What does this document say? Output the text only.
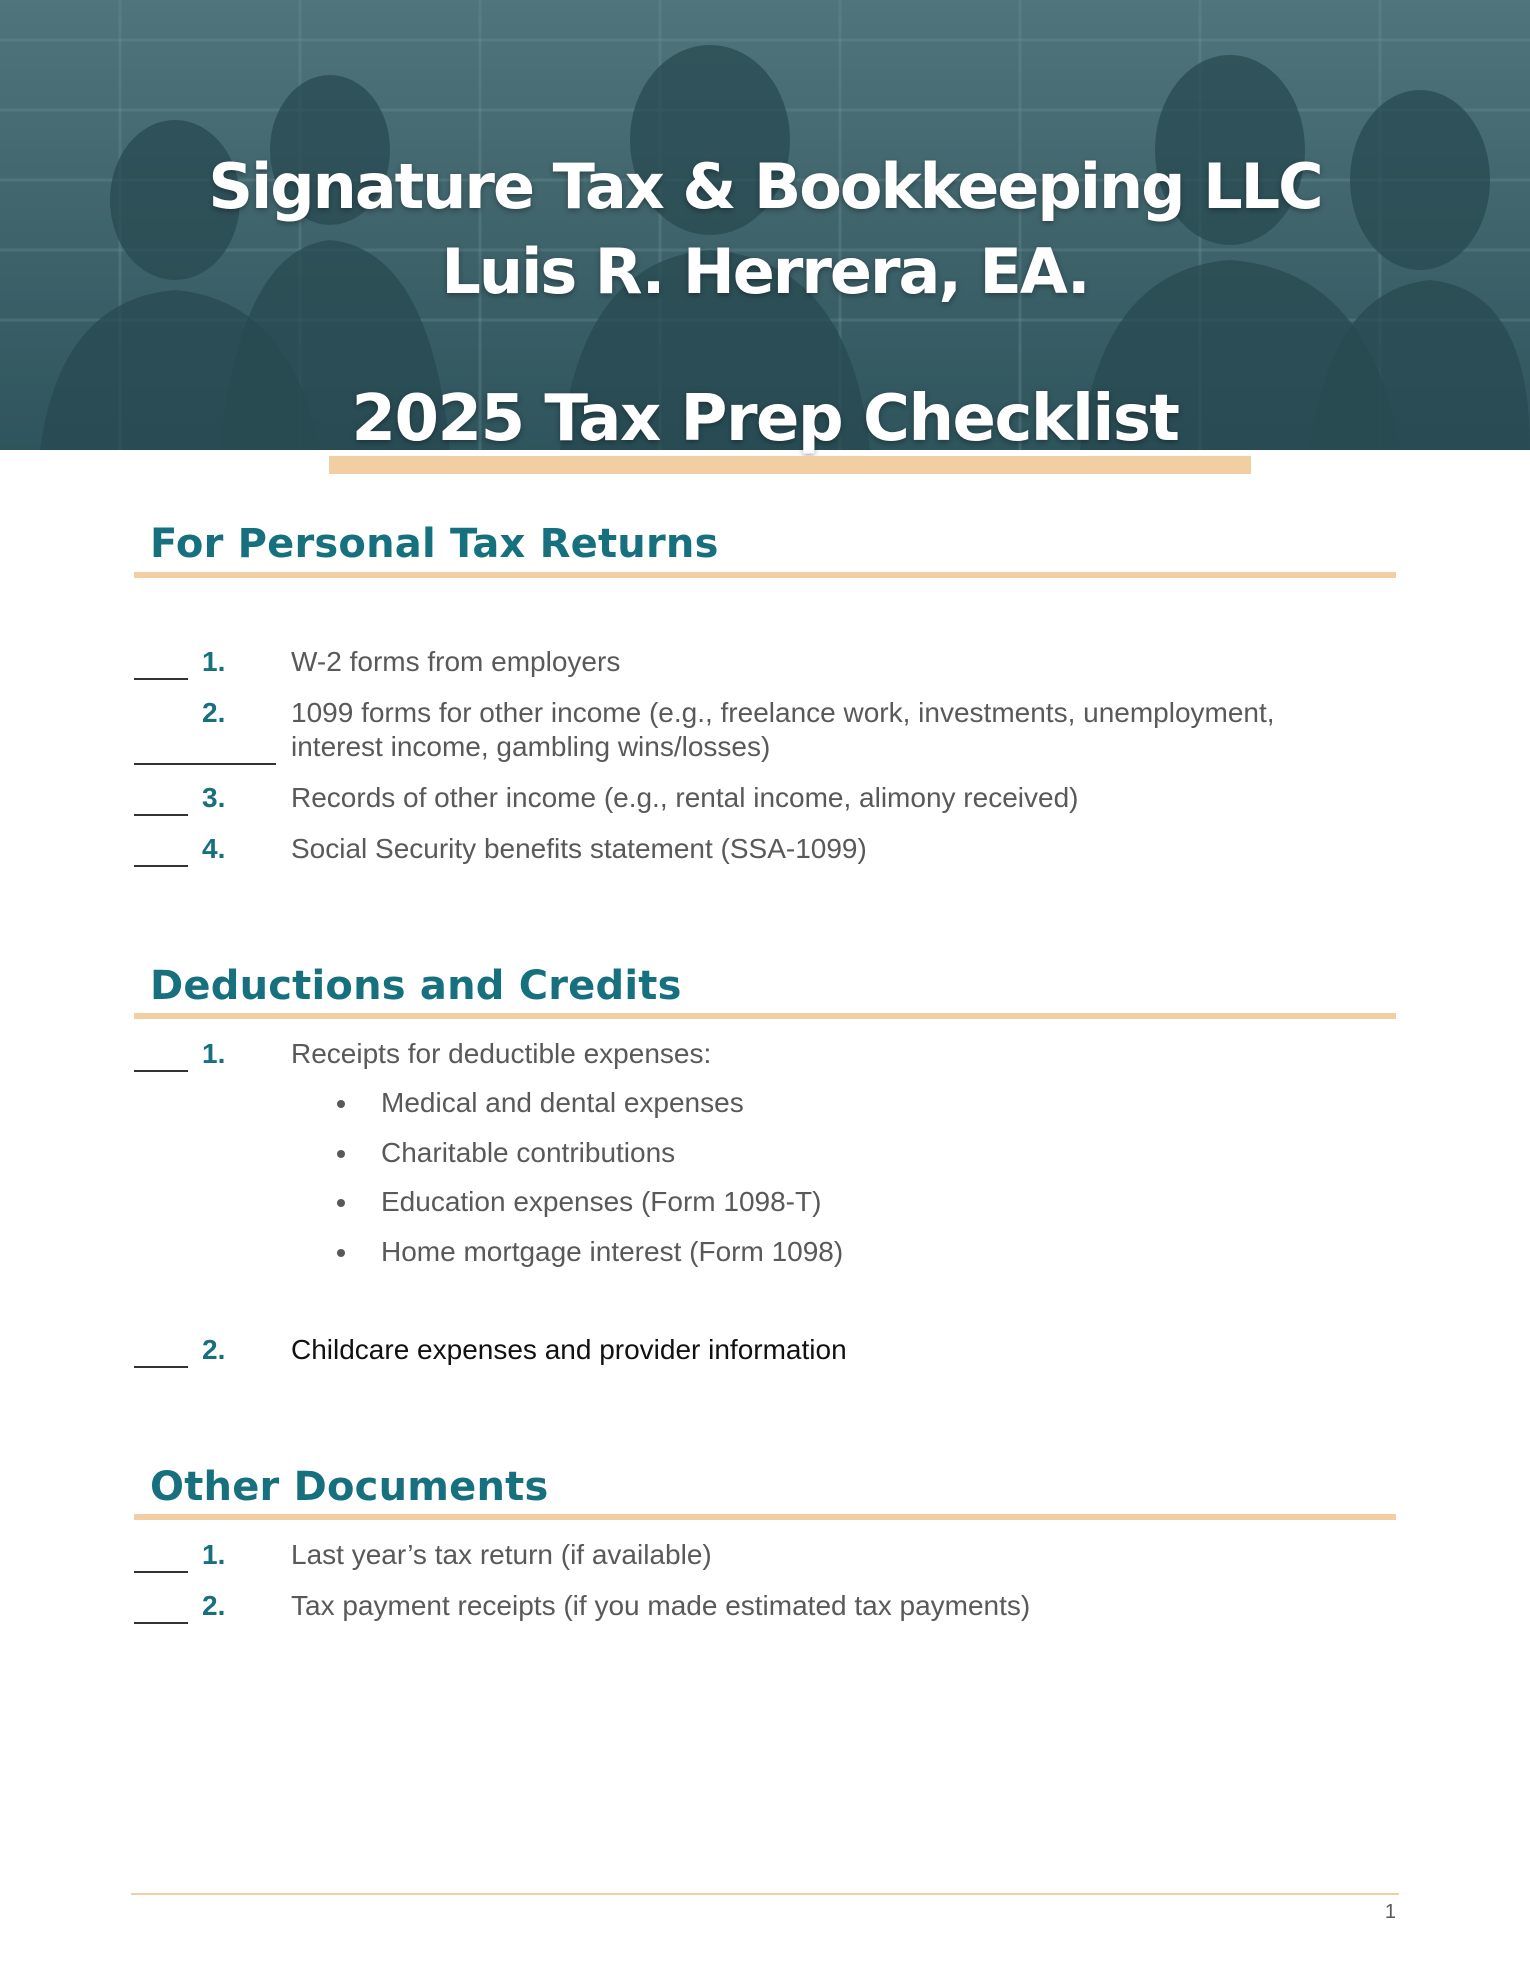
Signature Tax & Bookkeeping LLC
Luis R. Herrera, EA.
2025 Tax Prep Checklist
For Personal Tax Returns
1. W-2 forms from employers
2. 1099 forms for other income (e.g., freelance work, investments, unemployment,
interest income, gambling wins/losses)
3. Records of other income (e.g., rental income, alimony received)
4. Social Security benefits statement (SSA-1099)
Deductions and Credits
1. Receipts for deductible expenses:
Medical and dental expenses
Charitable contributions
Education expenses (Form 1098-T)
Home mortgage interest (Form 1098)
2. Childcare expenses and provider information
Other Documents
1. Last year’s tax return (if available)
2. Tax payment receipts (if you made estimated tax payments)
1
